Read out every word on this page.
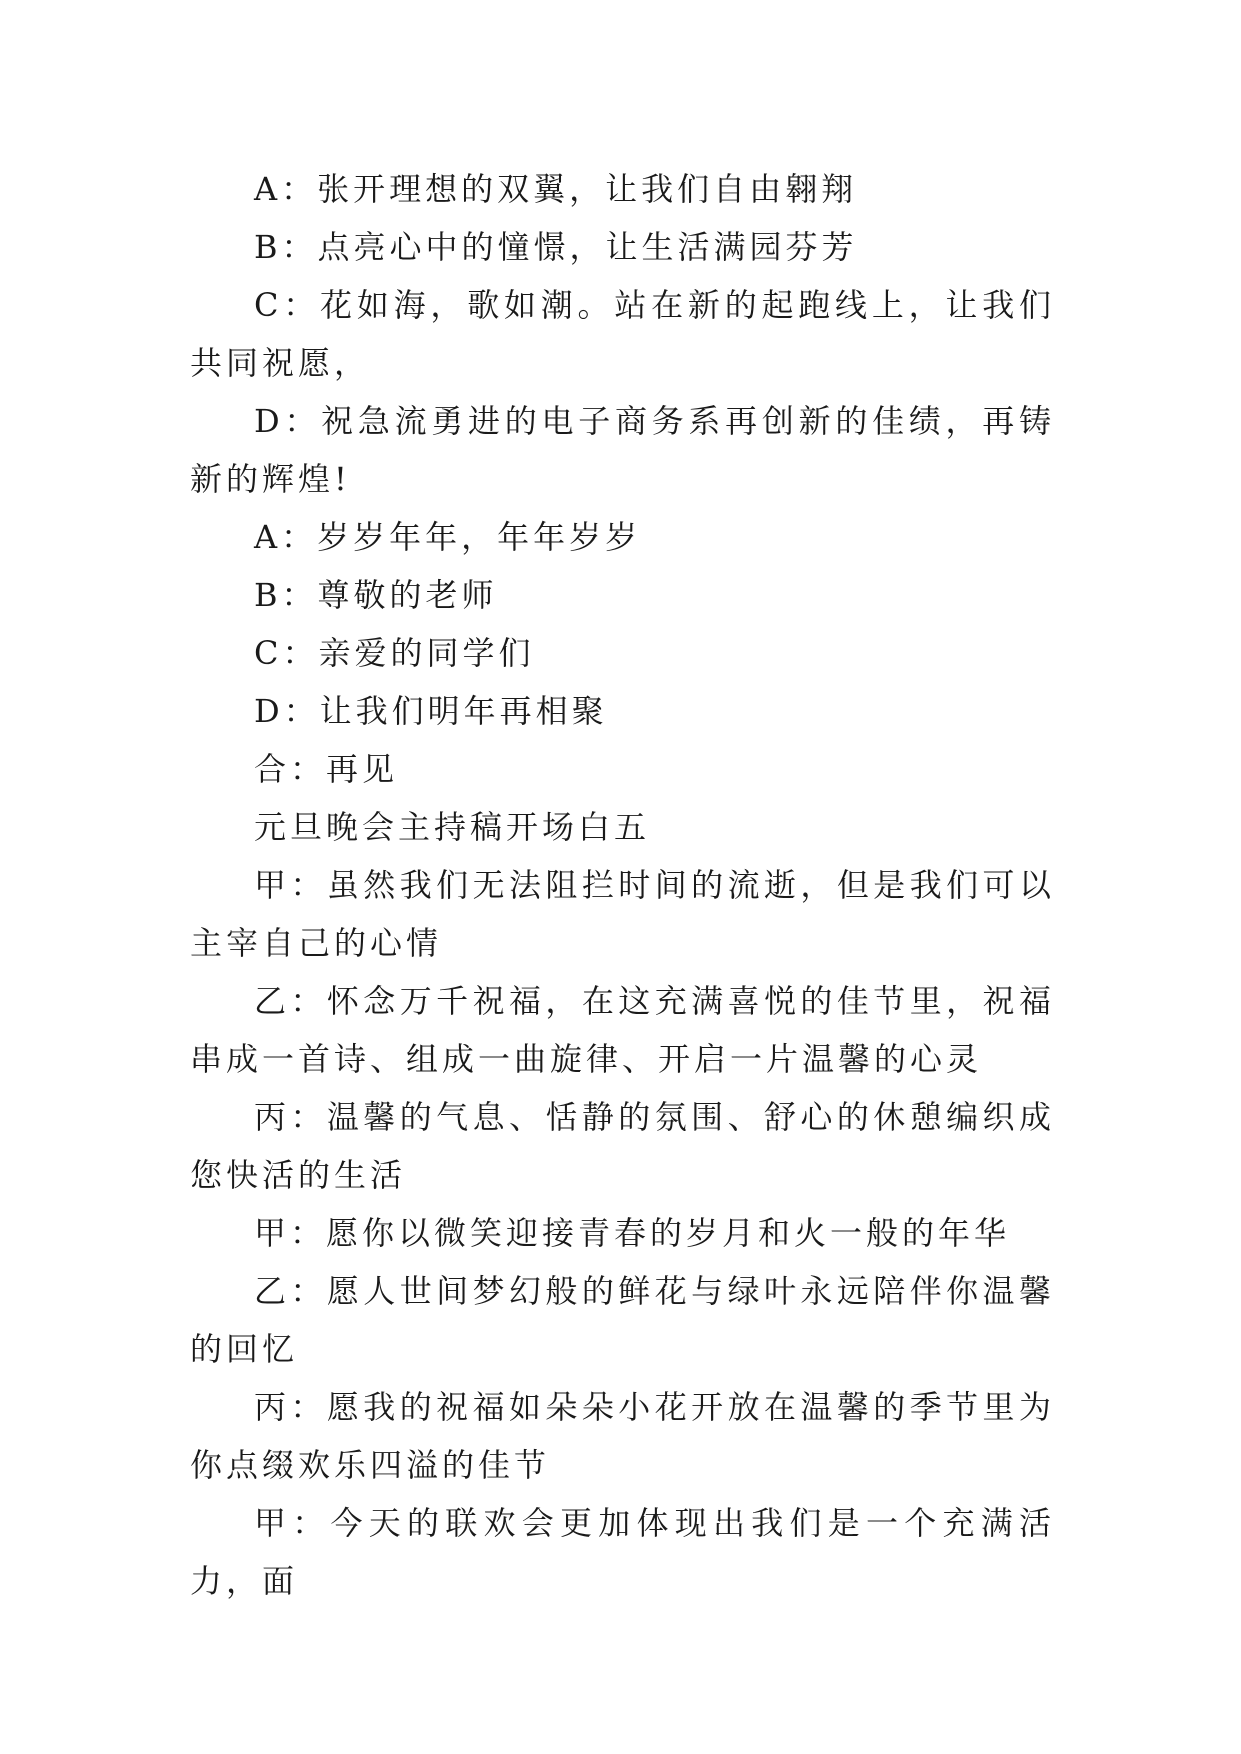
A：张开理想的双翼，让我们自由翱翔

B：点亮心中的憧憬，让生活满园芬芳

C：花如海，歌如潮。站在新的起跑线上，让我们共同祝愿，

D：祝急流勇进的电子商务系再创新的佳绩，再铸新的辉煌!

A：岁岁年年，年年岁岁

B：尊敬的老师

C：亲爱的同学们

D：让我们明年再相聚

合：再见

元旦晚会主持稿开场白五

甲：虽然我们无法阻拦时间的流逝，但是我们可以主宰自己的心情

乙：怀念万千祝福，在这充满喜悦的佳节里，祝福串成一首诗、组成一曲旋律、开启一片温馨的心灵

丙：温馨的气息、恬静的氛围、舒心的休憩编织成您快活的生活

甲：愿你以微笑迎接青春的岁月和火一般的年华

乙：愿人世间梦幻般的鲜花与绿叶永远陪伴你温馨的回忆

丙：愿我的祝福如朵朵小花开放在温馨的季节里为你点缀欢乐四溢的佳节

甲：今天的联欢会更加体现出我们是一个充满活力，面
